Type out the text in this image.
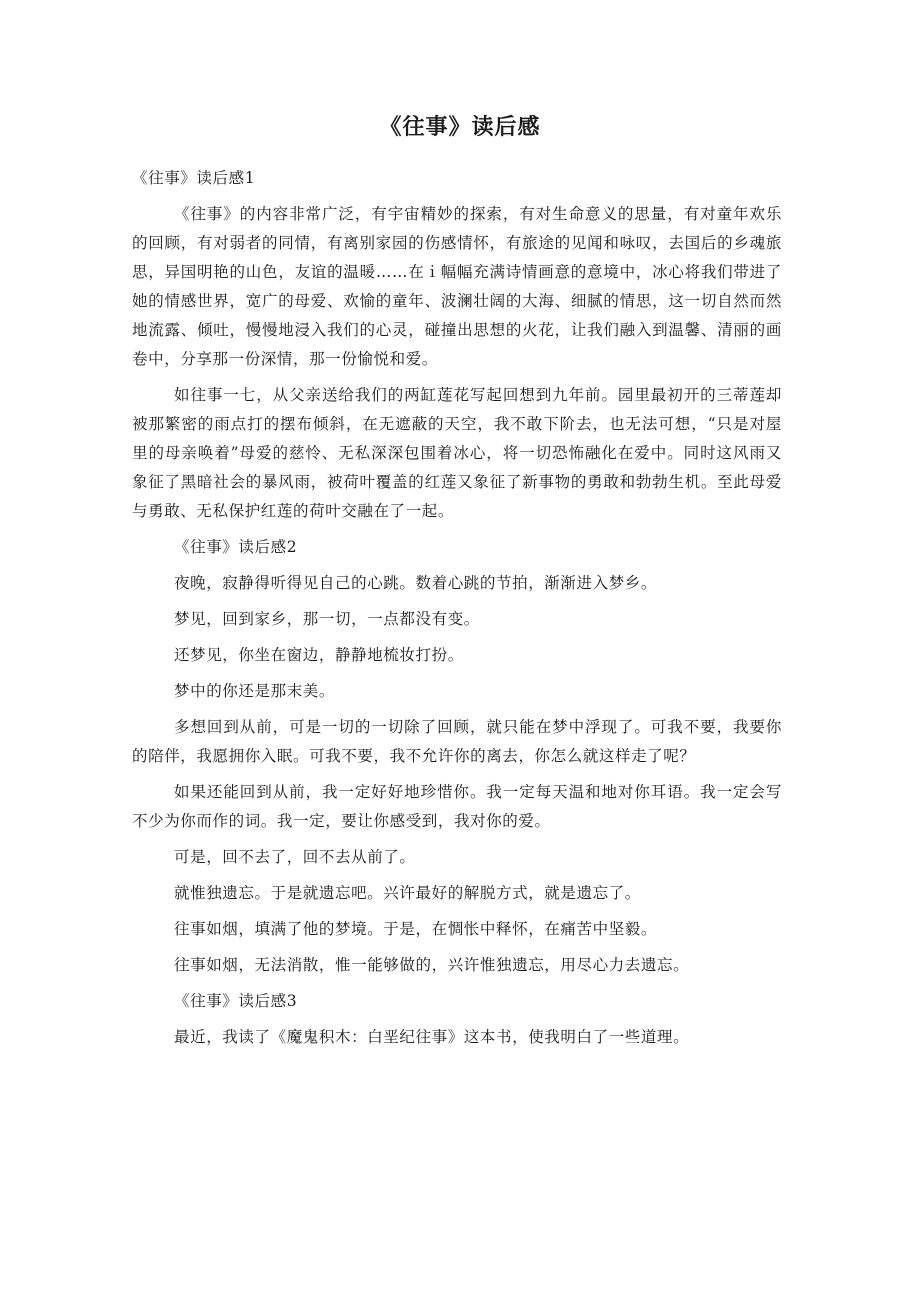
《往事》读后感

《往事》读后感1

《往事》的内容非常广泛，有宇宙精妙的探索，有对生命意义的思量，有对童年欢乐的回顾，有对弱者的同情，有离别家园的伤感情怀，有旅途的见闻和咏叹，去国后的乡魂旅思，异国明艳的山色，友谊的温暖……在ｉ幅幅充满诗情画意的意境中，冰心将我们带进了她的情感世界，宽广的母爱、欢愉的童年、波澜壮阔的大海、细腻的情思，这一切自然而然地流露、倾吐，慢慢地浸入我们的心灵，碰撞出思想的火花，让我们融入到温馨、清丽的画卷中，分享那一份深情，那一份愉悦和爱。

如往事一七，从父亲送给我们的两缸莲花写起回想到九年前。园里最初开的三蒂莲却被那繁密的雨点打的摆布倾斜，在无遮蔽的天空，我不敢下阶去，也无法可想，“只是对屋里的母亲唤着”母爱的慈怜、无私深深包围着冰心，将一切恐怖融化在爱中。同时这风雨又象征了黑暗社会的暴风雨，被荷叶覆盖的红莲又象征了新事物的勇敢和勃勃生机。至此母爱与勇敢、无私保护红莲的荷叶交融在了一起。

《往事》读后感2

夜晚，寂静得听得见自己的心跳。数着心跳的节拍，渐渐进入梦乡。

梦见，回到家乡，那一切，一点都没有变。

还梦见，你坐在窗边，静静地梳妆打扮。

梦中的你还是那末美。

多想回到从前，可是一切的一切除了回顾，就只能在梦中浮现了。可我不要，我要你的陪伴，我愿拥你入眠。可我不要，我不允许你的离去，你怎么就这样走了呢？

如果还能回到从前，我一定好好地珍惜你。我一定每天温和地对你耳语。我一定会写不少为你而作的词。我一定，要让你感受到，我对你的爱。

可是，回不去了，回不去从前了。

就惟独遗忘。于是就遗忘吧。兴许最好的解脱方式，就是遗忘了。

往事如烟，填满了他的梦境。于是，在惆怅中释怀，在痛苦中坚毅。

往事如烟，无法消散，惟一能够做的，兴许惟独遗忘，用尽心力去遗忘。

《往事》读后感3

最近，我读了《魔鬼积木：白垩纪往事》这本书，使我明白了一些道理。
